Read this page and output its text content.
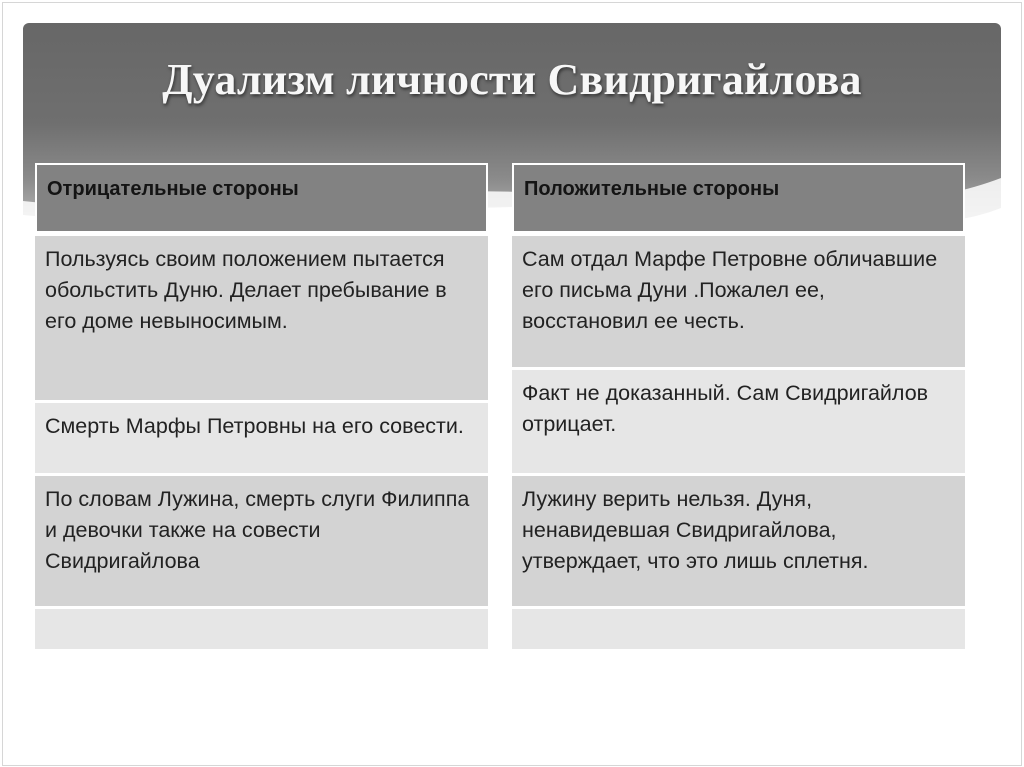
Дуализм личности Свидригайлова
Отрицательные стороны
Пользуясь своим положением пытается обольстить Дуню. Делает пребывание в его доме невыносимым.
Смерть Марфы Петровны на его совести.
По словам Лужина, смерть слуги Филиппа и девочки также на совести Свидригайлова
Положительные стороны
Сам отдал Марфе Петровне обличавшие его письма Дуни .Пожалел ее, восстановил ее честь.
Факт не доказанный. Сам Свидригайлов отрицает.
Лужину верить нельзя. Дуня, ненавидевшая Свидригайлова, утверждает, что это лишь сплетня.
